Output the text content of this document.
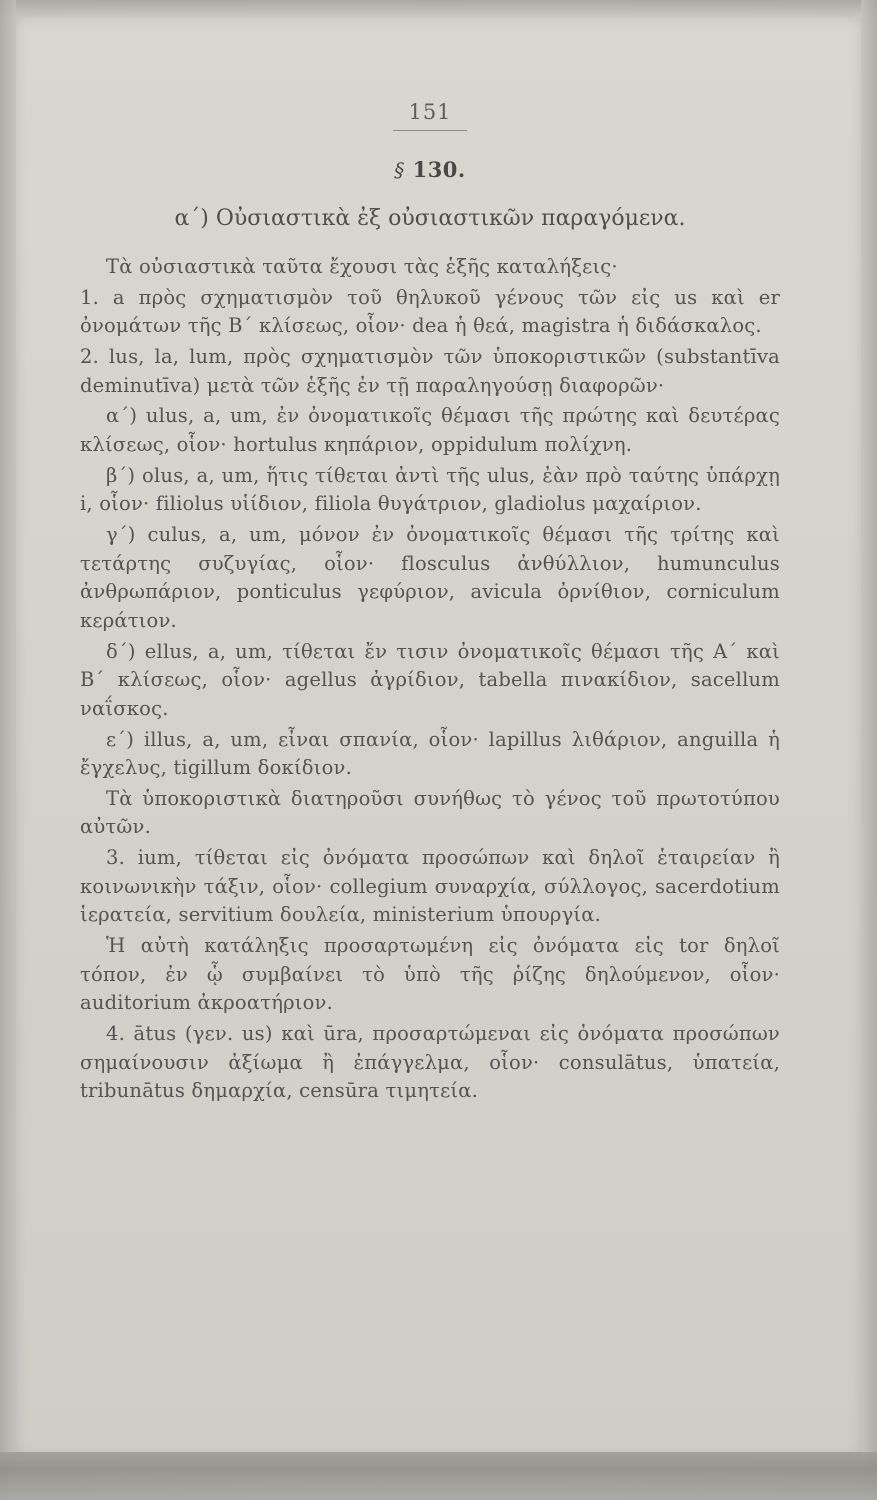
151
§ 130.
α΄) Οὐσιαστικὰ ἐξ οὐσιαστικῶν παραγόμενα.

Τὰ οὐσιαστικὰ ταῦτα ἔχουσι τὰς ἑξῆς καταλήξεις·

1. a πρὸς σχηματισμὸν τοῦ θηλυκοῦ γένους τῶν εἰς us καὶ er ὀνομάτων τῆς Β΄ κλίσεως, οἷον· dea ἡ θεά, magistra ἡ διδάσκαλος.

2. lus, la, lum, πρὸς σχηματισμὸν τῶν ὑποκοριστικῶν (substantīva deminutīva) μετὰ τῶν ἑξῆς ἐν τῇ παραληγούσῃ διαφορῶν·

α΄) ulus, a, um, ἐν ὀνοματικοῖς θέμασι τῆς πρώτης καὶ δευτέρας κλίσεως, οἷον· hortulus κηπάριον, oppidulum πολίχνη.

β΄) olus, a, um, ἥτις τίθεται ἀντὶ τῆς ulus, ἐὰν πρὸ ταύτης ὑπάρχῃ i, οἷον· filiolus υἱίδιον, filiola θυγάτριον, gladiolus μαχαίριον.

γ΄) culus, a, um, μόνον ἐν ὀνοματικοῖς θέμασι τῆς τρίτης καὶ τετάρτης συζυγίας, οἷον· flosculus ἀνθύλλιον, humunculus ἀνθρωπάριον, ponticulus γεφύριον, avicula ὀρνίθιον, corniculum κεράτιον.

δ΄) ellus, a, um, τίθεται ἔν τισιν ὀνοματικοῖς θέμασι τῆς Α΄ καὶ Β΄ κλίσεως, οἷον· agellus ἀγρίδιον, tabella πινακίδιον, sacellum ναΐσκος.

ε΄) illus, a, um, εἶναι σπανία, οἷον· lapillus λιθάριον, anguilla ἡ ἔγχελυς, tigillum δοκίδιον.

Τὰ ὑποκοριστικὰ διατηροῦσι συνήθως τὸ γένος τοῦ πρωτοτύπου αὐτῶν.

3. ium, τίθεται εἰς ὀνόματα προσώπων καὶ δηλοῖ ἑταιρείαν ἢ κοινωνικὴν τάξιν, οἷον· collegium συναρχία, σύλλογος, sacerdotium ἱερατεία, servitium δουλεία, ministerium ὑπουργία.

Ἡ αὐτὴ κατάληξις προσαρτωμένη εἰς ὀνόματα εἰς tor δηλοῖ τόπον, ἐν ᾧ συμβαίνει τὸ ὑπὸ τῆς ῥίζης δηλούμενον, οἷον· auditorium ἀκροατήριον.

4. ātus (γεν. us) καὶ ūra, προσαρτώμεναι εἰς ὀνόματα προσώπων σημαίνουσιν ἀξίωμα ἢ ἐπάγγελμα, οἷον· consulātus, ὑπατεία, tribunātus δημαρχία, censūra τιμητεία.
